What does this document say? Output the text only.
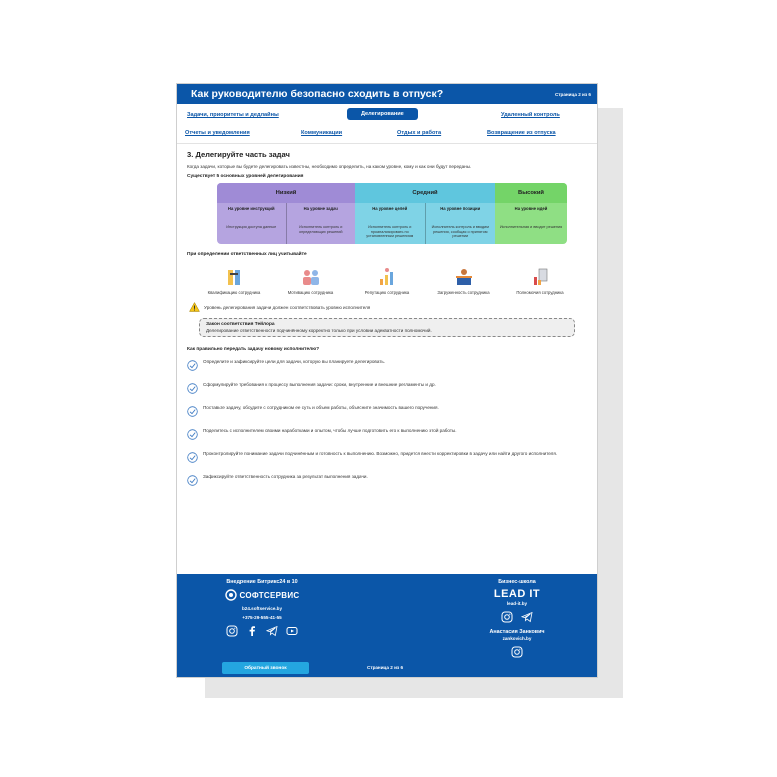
Как руководителю безопасно сходить в отпуск?	Страница 2 из 6
Задачи, приоритеты и дедлайны	Делегирование	Удаленный контроль
Отчеты и уведомления	Коммуникации	Отдых и работа	Возвращение из отпуска
3. Делегируйте часть задач
Когда задачи, которые вы будете делегировать известны, необходимо определить, на каком уровне, кому и как они будут переданы.
Существует 5 основных уровней делегирования
Низкий
На уровне инструкций
Инструкция доступа данные
На уровне задач
Исполнитель контроль и определяющих решений
Средний
На уровне целей
Исполнитель контроль и проанализировать по установленным решениям
На уровне позиции
Исполнитель контроль и вводим решения, сообщая о принятом решении
Высокий
На уровне идей
Исполнительная и вводит решения
При определении ответственных лиц учитывайте
Квалификацию сотрудника	Мотивацию сотрудника	Репутацию сотрудника	Загруженность сотрудника	Полномочия сотрудника
Уровень делегирования задачи должен соответствовать уровню исполнителя
Закон соответствия Тейлора
Делегирование ответственности подчинённому корректно только при условии адекватности полномочий.
Как правильно передать задачу новому исполнителю?
Определите и зафиксируйте цели для задачи, которую вы планируете делегировать.
Сформулируйте требования к процессу выполнения задачи: сроки, внутренние и внешние регламенты и др.
Поставьте задачу, обсудите с сотрудником ее суть и объем работы, объясните значимость вашего поручения.
Поделитесь с исполнителем своими наработками и опытом, чтобы лучше подготовить его к выполнению этой работы.
Проконтролируйте понимание задачи подчинённым и готовность к выполнению. Возможно, придется внести корректировки в задачу или найти другого исполнителя.
Зафиксируйте ответственность сотрудника за результат выполнения задачи.
Внедрение Битрикс24 в 10
СОФТСЕРВИС
b24.softservice.by
+375-29-555-41-55
Обратный звонок	Страница 2 из 6
Бизнес-школа
LEAD IT
lead-it.by
Анастасия Занкович
zankovich.by
